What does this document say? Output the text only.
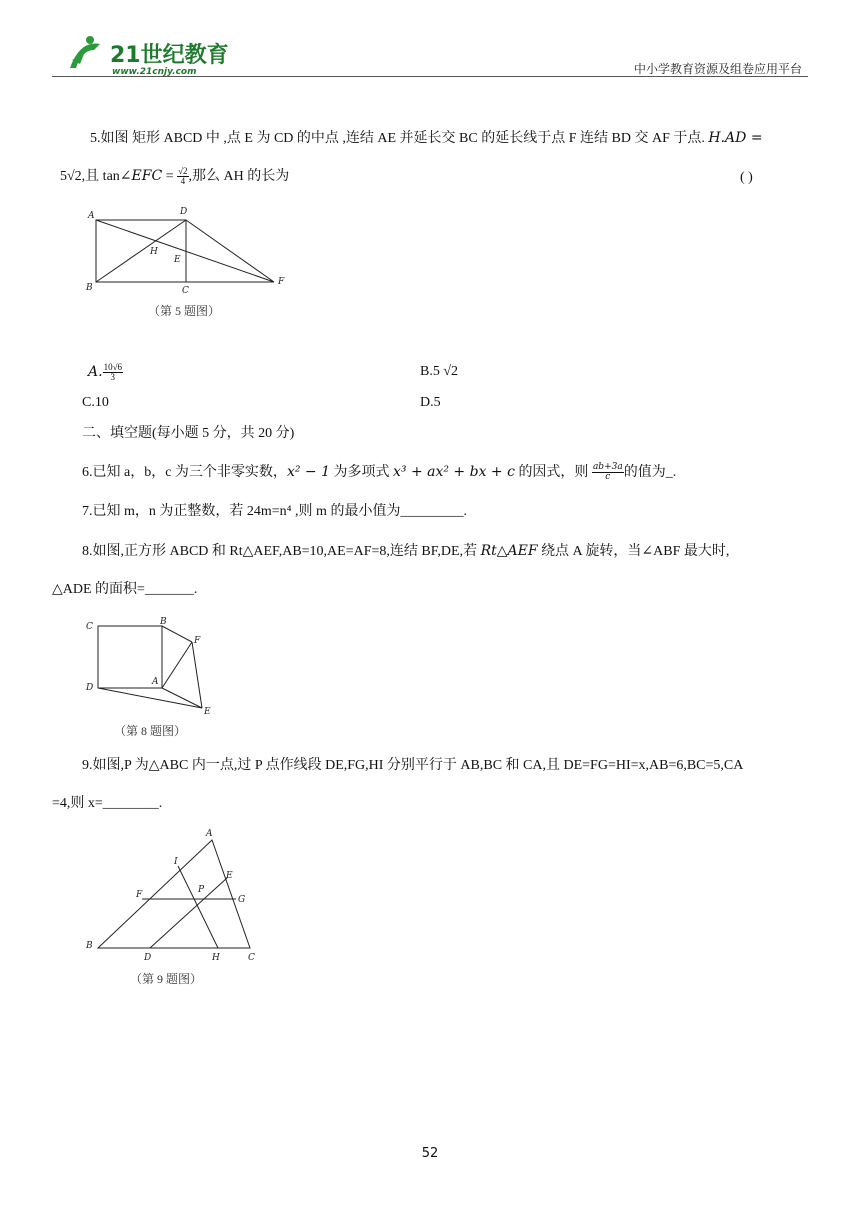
21世纪教育
www.21cnjy.com	中小学教育资源及组卷应用平台
5.如图 矩形 ABCD 中 ,点 E 为 CD 的中点 ,连结 AE 并延长交 BC 的延长线于点 F 连结 BD 交 AF 于点. H.AD =
5√2,且 tan∠EFC = $\frac{√2}{4}$ ,那么 AH 的长为	( )
A	D
H
E
B	C
F
（第 5 题图）
A. $\frac{10√6}{3}$	B.5 √2
C.10	D.5
二、填空题(每小题 5 分，共 20 分)
6.已知 a，b，c 为三个非零实数，x² − 1 为多项式 x³ + ax² + bx + c 的因式，则 $\frac{ab+3a}{c}$ 的值为_.
7.已知 m，n 为正整数，若 24m=n⁴ ,则 m 的最小值为_________.
8.如图,正方形 ABCD 和 Rt△AEF,AB=10,AE=AF=8,连结 BF,DE,若 Rt△AEF 绕点 A 旋转，当∠ABF 最大时,
△ADE 的面积=_______.
C	B
F
D
A
E
（第 8 题图）
9.如图,P 为△ABC 内一点,过 P 点作线段 DE,FG,HI 分别平行于 AB,BC 和 CA,且 DE=FG=HI=x,AB=6,BC=5,CA
=4,则 x=________.
A
I
E
F	P
G
B
D	H	C
（第 9 题图）
52
